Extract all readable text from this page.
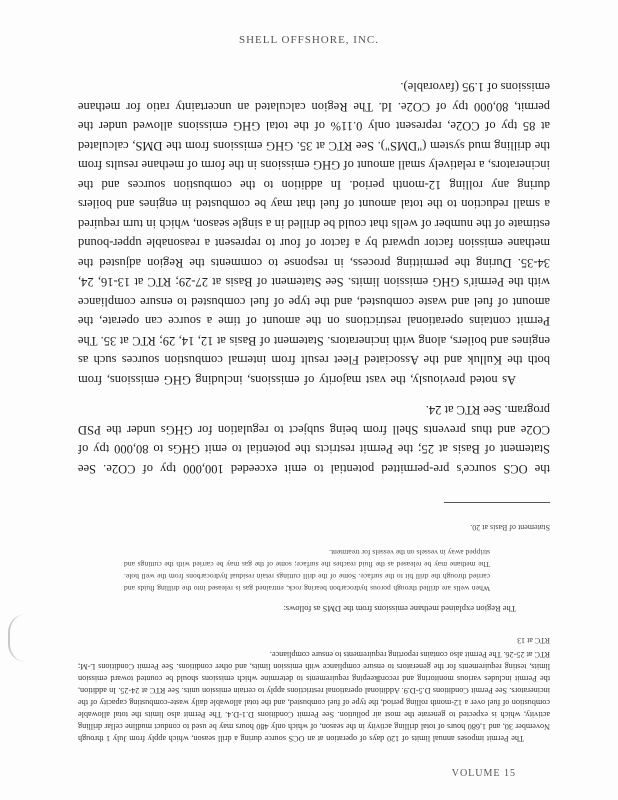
SHELL OFFSHORE, INC.

The Permit imposes annual limits of 120 days of operation at an OCS source during a drill season, which apply from July 1 through November 30, and 1,680 hours of total drilling activity in the season, of which only 480 hours may be used to conduct mudline cellar drilling activity, which is expected to generate the most air pollution. See Permit Conditions D.1-D.4. The Permit also limits the total allowable combustion of fuel over a 12-month rolling period, the type of fuel combusted, and the total allowable daily waste-combusting capacity of the incinerators. See Permit Conditions D.5-D.9. Additional operational restrictions apply to certain emission units. See RTC at 24-25. In addition, the Permit includes various monitoring and recordkeeping requirements to determine which emissions should be counted toward emission limits, testing requirements for the generators to ensure compliance with emission limits, and other conditions. See Permit Conditions L-M; RTC at 25-26. The Permit also contains reporting requirements to ensure compliance.

RTC at 13

The Region explained methane emissions from the DMS as follows:

When wells are drilled through porous hydrocarbon bearing rock, entrained gas is released into the drilling fluids and carried through the drill bit to the surface. Some of the drill cuttings retain residual hydrocarbons from the well hole. The methane may be released as the fluid reaches the surface; some of the gas may be carried with the cuttings and stripped away in vessels on the vessels for treatment.

Statement of Basis at 20.

the OCS source's pre-permitted potential to emit exceeded 100,000 tpy of CO2e. See Statement of Basis at 25; the Permit restricts the potential to emit GHGs to 80,000 tpy of CO2e and thus prevents Shell from being subject to regulation for GHGs under the PSD program. See RTC at 24.

As noted previously, the vast majority of emissions, including GHG emissions, from both the Kulluk and the Associated Fleet result from internal combustion sources such as engines and boilers, along with incinerators. Statement of Basis at 12, 14, 29; RTC at 35. The Permit contains operational restrictions on the amount of time a source can operate, the amount of fuel and waste combusted, and the type of fuel combusted to ensure compliance with the Permit's GHG emission limits. See Statement of Basis at 27-29; RTC at 13-16, 24, 34-35. During the permitting process, in response to comments the Region adjusted the methane emission factor upward by a factor of four to represent a reasonable upper-bound estimate of the number of wells that could be drilled in a single season, which in turn required a small reduction to the total amount of fuel that may be combusted in engines and boilers during any rolling 12-month period. In addition to the combustion sources and the incinerators, a relatively small amount of GHG emissions in the form of methane results from the drilling mud system ("DMS"). See RTC at 35. GHG emissions from the DMS, calculated at 85 tpy of CO2e, represent only 0.11% of the total GHG emissions allowed under the permit, 80,000 tpy of CO2e. Id. The Region calculated an uncertainty ratio for methane emissions of 1.95 (favorable).

VOLUME 15
